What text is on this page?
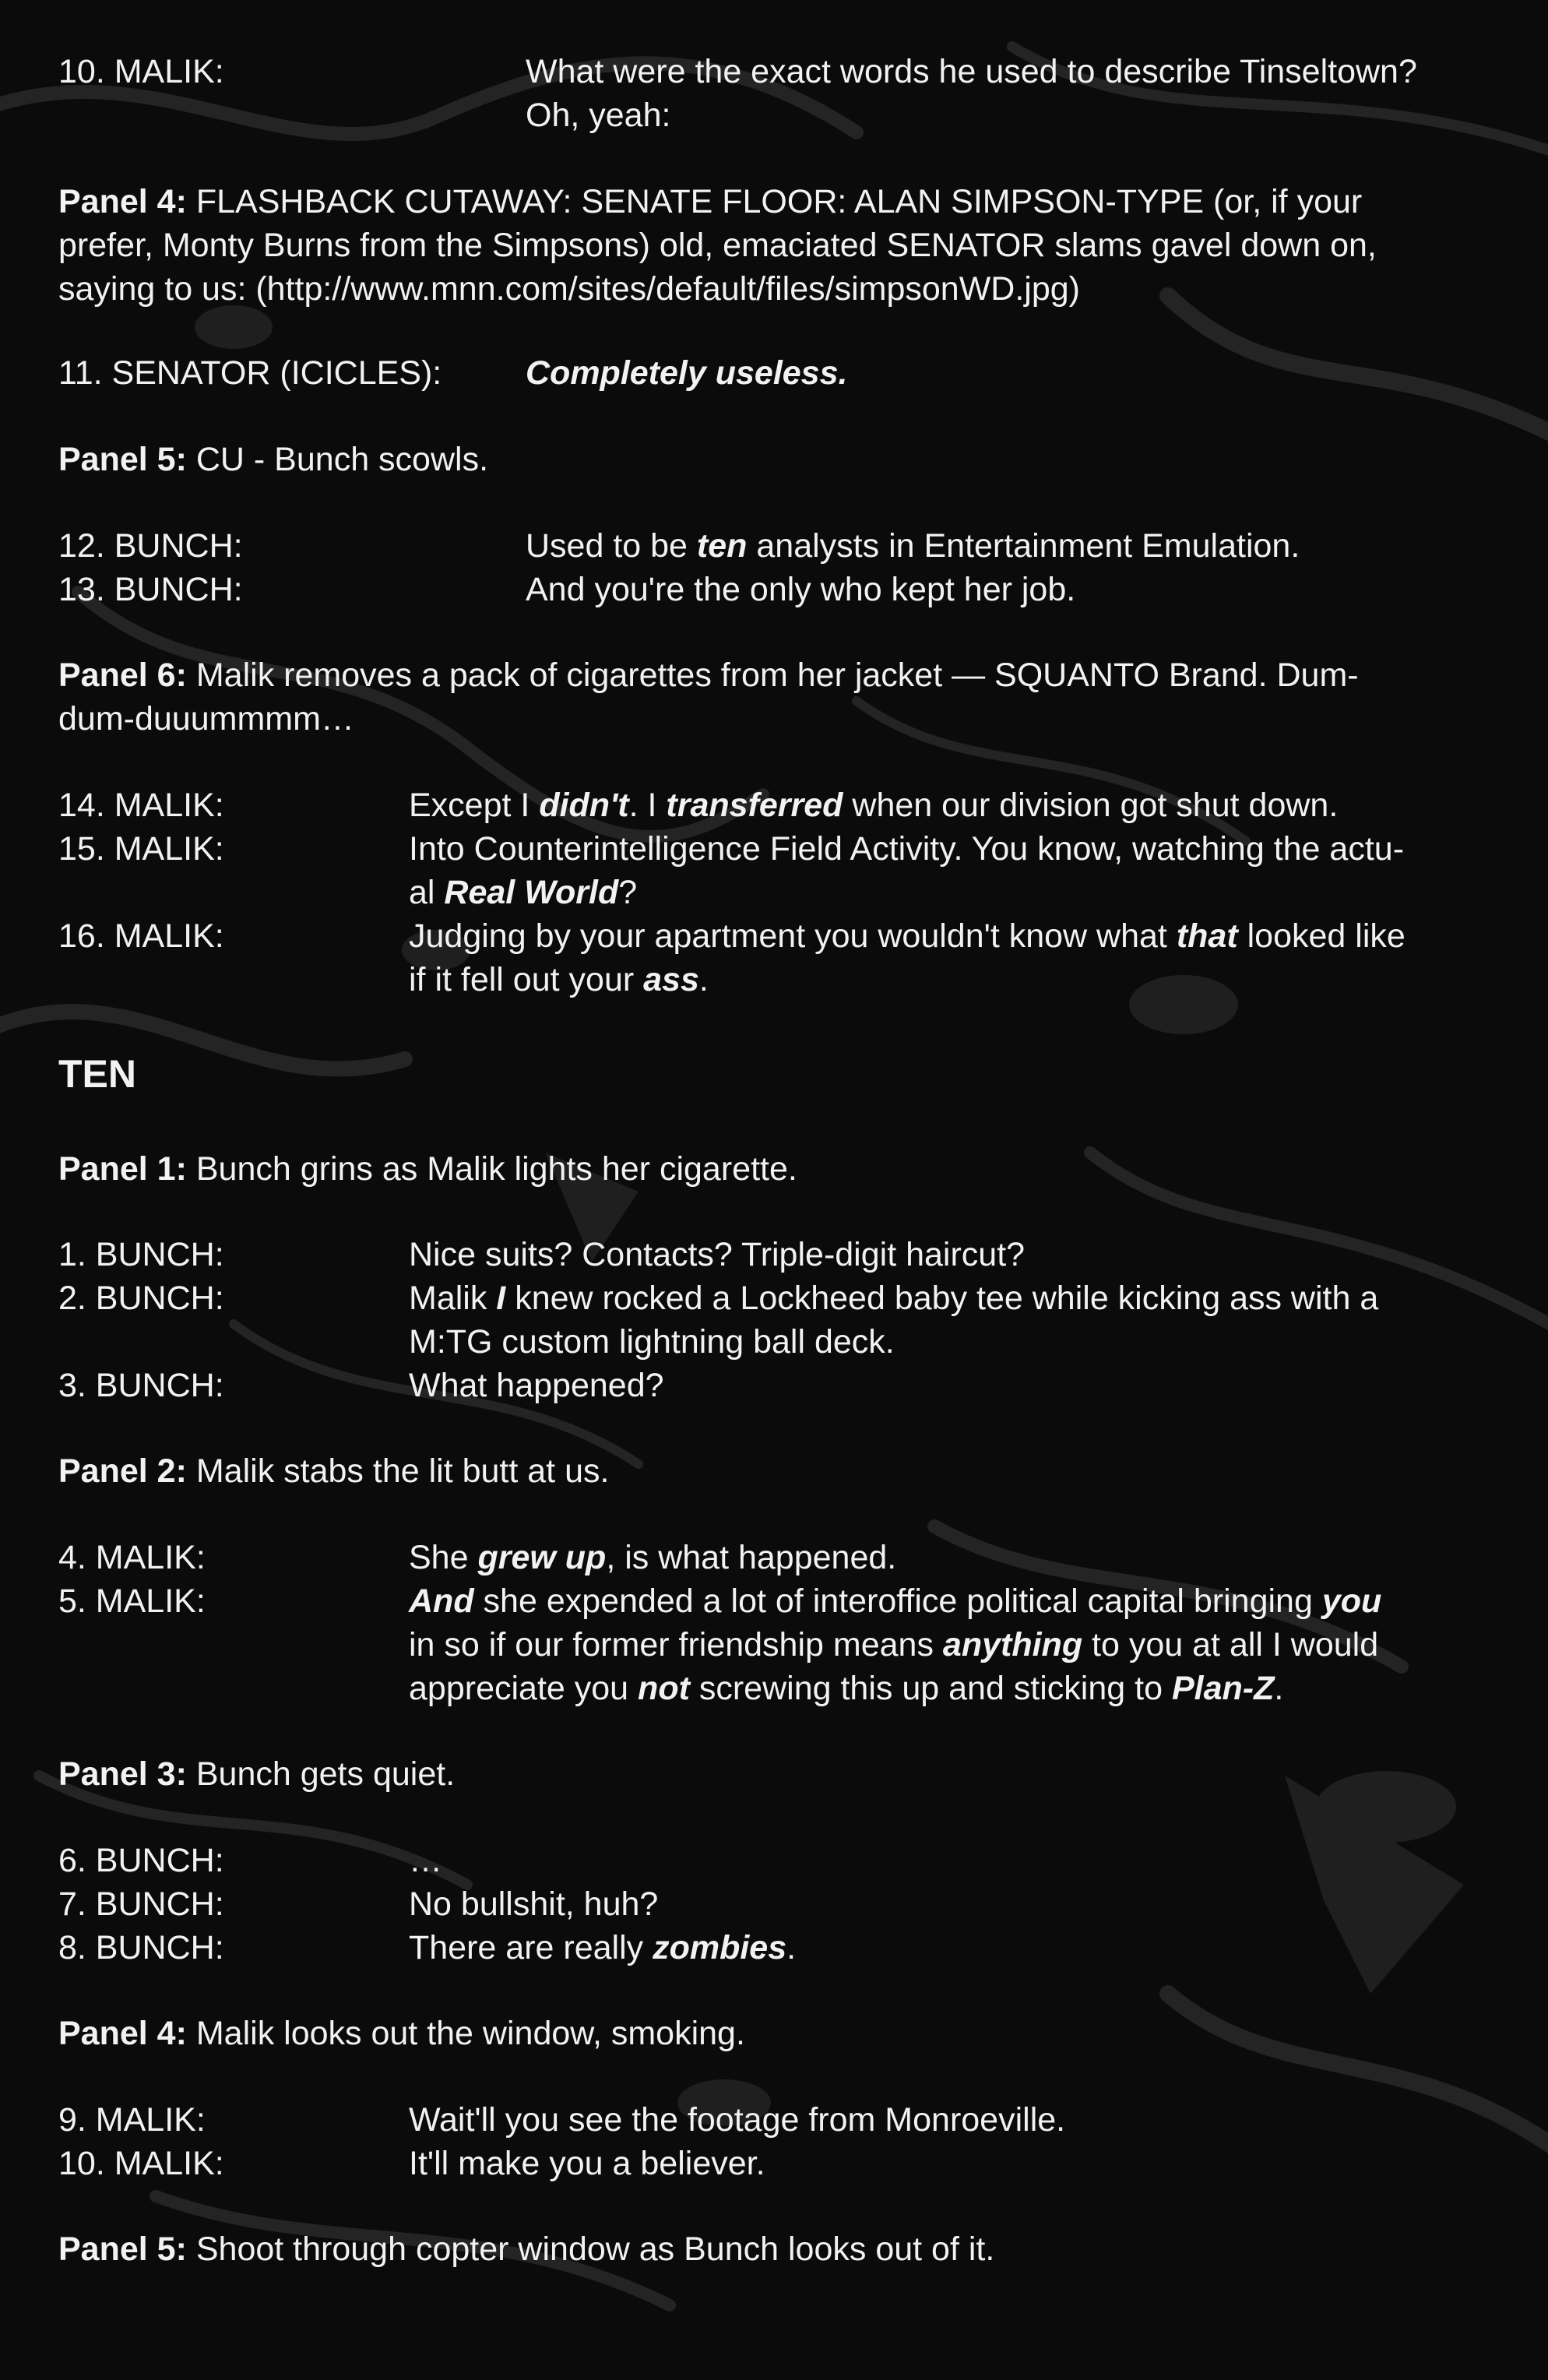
10. MALIK:	What were the exact words he used to describe Tinseltown?
Oh, yeah:
Panel 4: FLASHBACK CUTAWAY: SENATE FLOOR: ALAN SIMPSON-TYPE (or, if your
prefer, Monty Burns from the Simpsons) old, emaciated SENATOR slams gavel down on,
saying to us: (http://www.mnn.com/sites/default/files/simpsonWD.jpg)
11. SENATOR (ICICLES):	Completely useless.
Panel 5: CU - Bunch scowls.
12. BUNCH:	Used to be ten analysts in Entertainment Emulation.
13. BUNCH:	And you're the only who kept her job.
Panel 6: Malik removes a pack of cigarettes from her jacket — SQUANTO Brand. Dum-
dum-duuummmm…
14. MALIK:	Except I didn't. I transferred when our division got shut down.
15. MALIK:	Into Counterintelligence Field Activity. You know, watching the actu-
al Real World?
16. MALIK:	Judging by your apartment you wouldn't know what that looked like
if it fell out your ass.
TEN
Panel 1: Bunch grins as Malik lights her cigarette.
1. BUNCH:	Nice suits? Contacts? Triple-digit haircut?
2. BUNCH:	Malik I knew rocked a Lockheed baby tee while kicking ass with a
M:TG custom lightning ball deck.
3. BUNCH:	What happened?
Panel 2: Malik stabs the lit butt at us.
4. MALIK:	She grew up, is what happened.
5. MALIK:	And she expended a lot of interoffice political capital bringing you
in so if our former friendship means anything to you at all I would
appreciate you not screwing this up and sticking to Plan-Z.
Panel 3: Bunch gets quiet.
6. BUNCH:	…
7. BUNCH:	No bullshit, huh?
8. BUNCH:	There are really zombies.
Panel 4: Malik looks out the window, smoking.
9. MALIK:	Wait'll you see the footage from Monroeville.
10. MALIK:	It'll make you a believer.
Panel 5: Shoot through copter window as Bunch looks out of it.
